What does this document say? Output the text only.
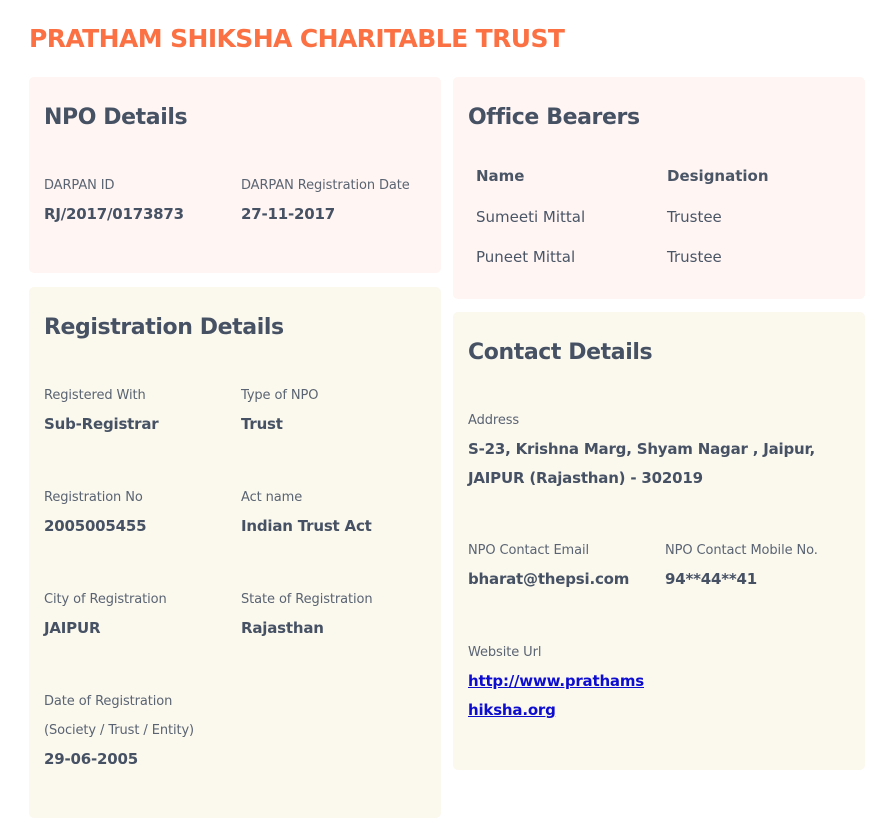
PRATHAM SHIKSHA CHARITABLE TRUST
NPO Details
DARPAN ID
RJ/2017/0173873
DARPAN Registration Date
27-11-2017
Office Bearers
Name	Designation
Sumeeti Mittal	Trustee
Puneet Mittal	Trustee
Registration Details
Registered With
Sub-Registrar
Type of NPO
Trust
Registration No
2005005455
Act name
Indian Trust Act
City of Registration
JAIPUR
State of Registration
Rajasthan
Date of Registration
(Society / Trust / Entity)
29-06-2005
Contact Details
Address
S-23, Krishna Marg, Shyam Nagar , Jaipur,
JAIPUR (Rajasthan) - 302019
NPO Contact Email
bharat@thepsi.com
NPO Contact Mobile No.
94**44**41
Website Url
http://www.prathams
hiksha.org
